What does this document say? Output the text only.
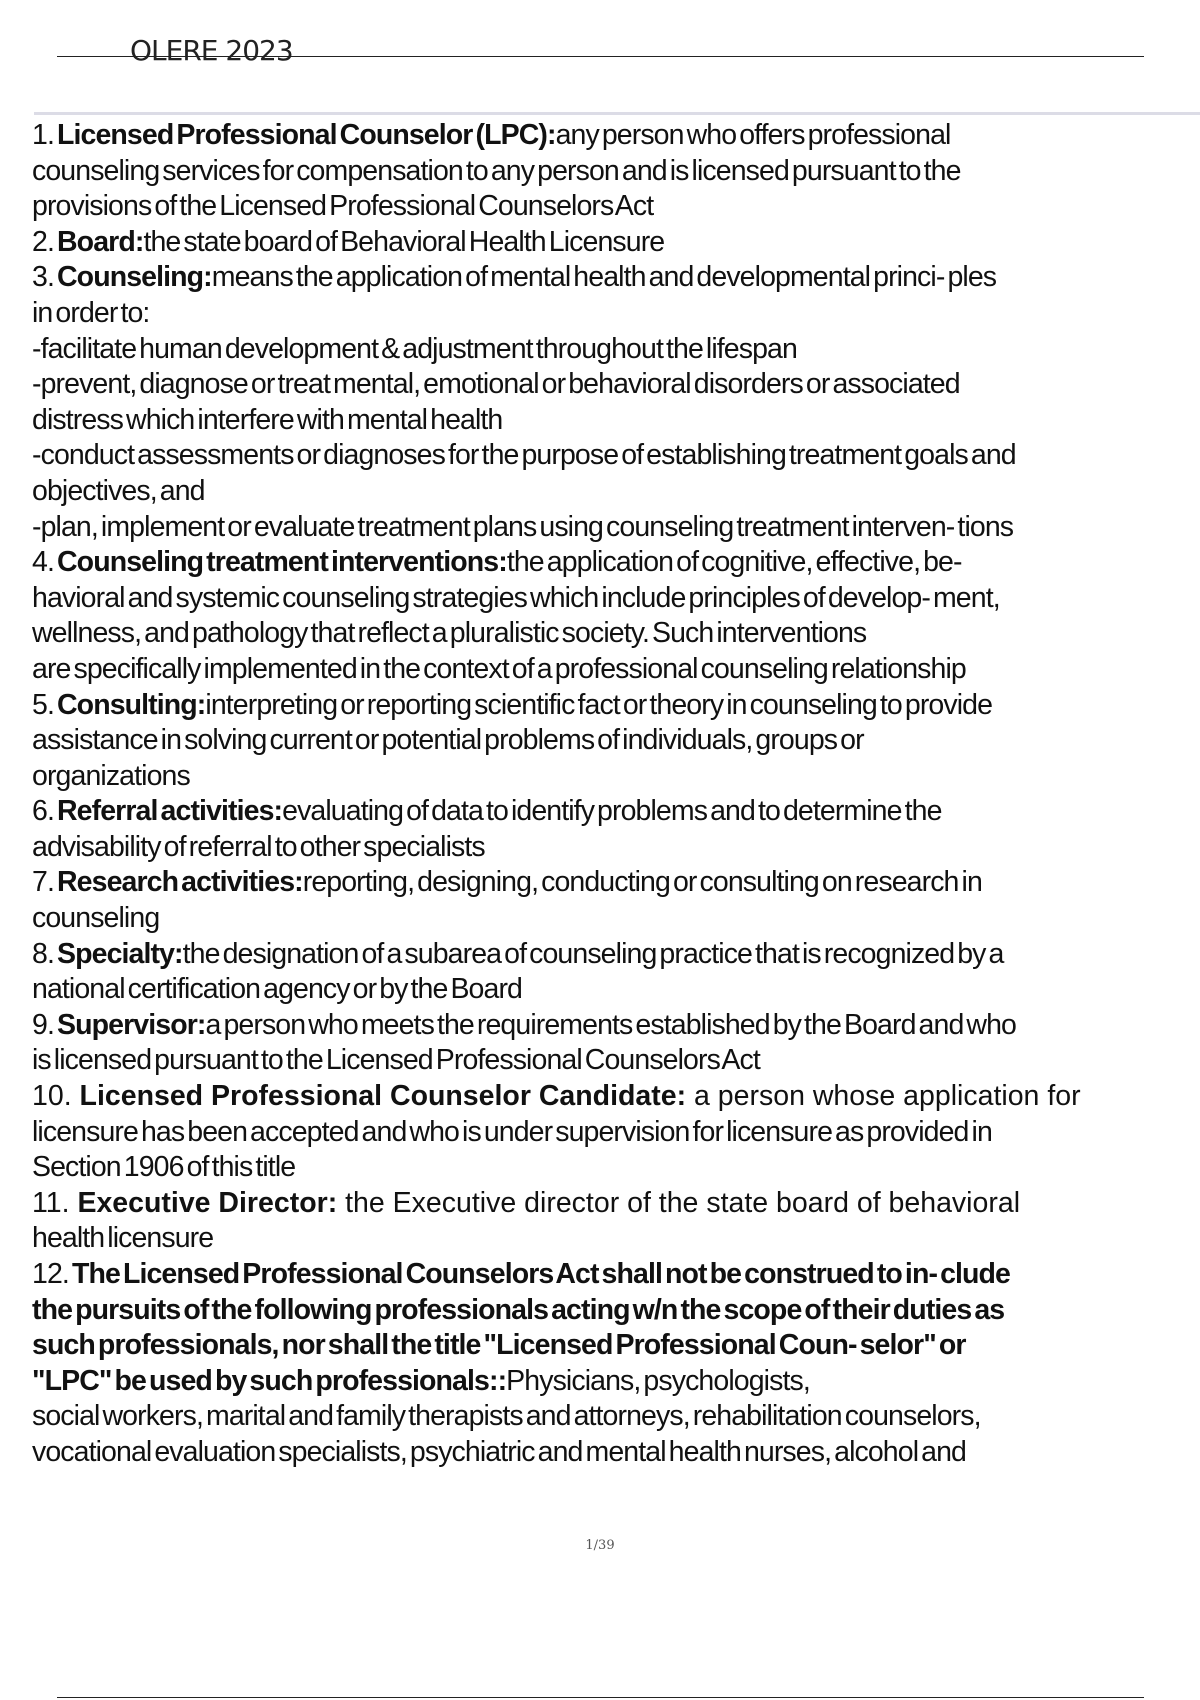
OLERE 2023
1. Licensed Professional Counselor (LPC):any person who offers professional
counseling services for compensation to any person and is licensed pursuant to the
provisions of the Licensed Professional Counselors Act
2. Board:the state board of Behavioral Health Licensure
3. Counseling:means the application of mental health and developmental princi- ples
in order to:
-facilitate human development & adjustment throughout the lifespan
-prevent, diagnose or treat mental, emotional or behavioral disorders or associated
distress which interfere with mental health
-conduct assessments or diagnoses for the purpose of establishing treatment goals and
objectives, and
-plan, implement or evaluate treatment plans using counseling treatment interven- tions
4. Counseling treatment interventions:the application of cognitive, effective, be-
havioral and systemic counseling strategies which include principles of develop- ment,
wellness, and pathology that reflect a pluralistic society. Such interventions
are specifically implemented in the context of a professional counseling relationship
5. Consulting:interpreting or reporting scientific fact or theory in counseling to provide
assistance in solving current or potential problems of individuals, groups or
organizations
6. Referral activities:evaluating of data to identify problems and to determine the
advisability of referral to other specialists
7. Research activities:reporting, designing, conducting or consulting on research in
counseling
8. Specialty:the designation of a subarea of counseling practice that is recognized by a
national certification agency or by the Board
9. Supervisor:a person who meets the requirements established by the Board and who
is licensed pursuant to the Licensed Professional Counselors Act
10. Licensed Professional Counselor Candidate: a person whose application for
licensure has been accepted and who is under supervision for licensure as provided in
Section 1906 of this title
11. Executive Director: the Executive director of the state board of behavioral
health licensure
12. The Licensed Professional Counselors Act shall not be construed to in- clude
the pursuits of the following professionals acting w/n the scope of their duties as
such professionals, nor shall the title "Licensed Professional Coun- selor" or
"LPC" be used by such professionals::Physicians, psychologists,
social workers, marital and family therapists and attorneys, rehabilitation counselors,
vocational evaluation specialists, psychiatric and mental health nurses, alcohol and
1/39
